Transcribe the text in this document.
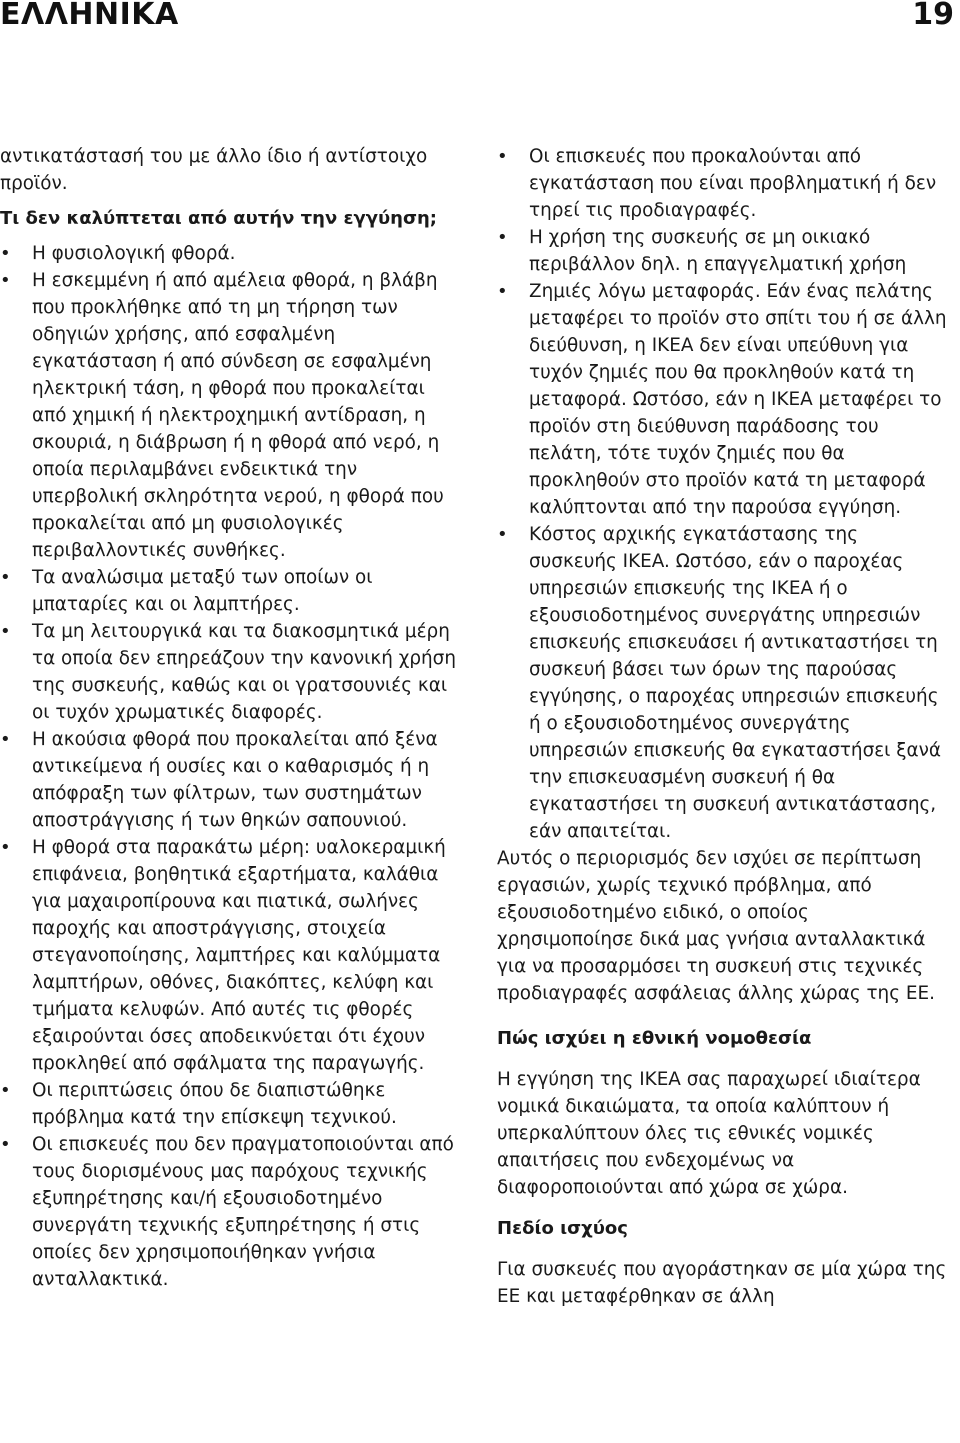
ΕΛΛΗΝΙΚΑ	19

αντικατάστασή του με άλλο ίδιο ή αντίστοιχο προϊόν.

Τι δεν καλύπτεται από αυτήν την εγγύηση;

• Η φυσιολογική φθορά.
• Η εσκεμμένη ή από αμέλεια φθορά, η βλάβη που προκλήθηκε από τη μη τήρηση των οδηγιών χρήσης, από εσφαλμένη εγκατάσταση ή από σύνδεση σε εσφαλμένη ηλεκτρική τάση, η φθορά που προκαλείται από χημική ή ηλεκτροχημική αντίδραση, η σκουριά, η διάβρωση ή η φθορά από νερό, η οποία περιλαμβάνει ενδεικτικά την υπερβολική σκληρότητα νερού, η φθορά που προκαλείται από μη φυσιολογικές περιβαλλοντικές συνθήκες.
• Τα αναλώσιμα μεταξύ των οποίων οι μπαταρίες και οι λαμπτήρες.
• Τα μη λειτουργικά και τα διακοσμητικά μέρη τα οποία δεν επηρεάζουν την κανονική χρήση της συσκευής, καθώς και οι γρατσουνιές και οι τυχόν χρωματικές διαφορές.
• Η ακούσια φθορά που προκαλείται από ξένα αντικείμενα ή ουσίες και ο καθαρισμός ή η απόφραξη των φίλτρων, των συστημάτων αποστράγγισης ή των θηκών σαπουνιού.
• Η φθορά στα παρακάτω μέρη: υαλοκεραμική επιφάνεια, βοηθητικά εξαρτήματα, καλάθια για μαχαιροπίρουνα και πιατικά, σωλήνες παροχής και αποστράγγισης, στοιχεία στεγανοποίησης, λαμπτήρες και καλύμματα λαμπτήρων, οθόνες, διακόπτες, κελύφη και τμήματα κελυφών. Από αυτές τις φθορές εξαιρούνται όσες αποδεικνύεται ότι έχουν προκληθεί από σφάλματα της παραγωγής.
• Οι περιπτώσεις όπου δε διαπιστώθηκε πρόβλημα κατά την επίσκεψη τεχνικού.
• Οι επισκευές που δεν πραγματοποιούνται από τους διορισμένους μας παρόχους τεχνικής εξυπηρέτησης και/ή εξουσιοδοτημένο συνεργάτη τεχνικής εξυπηρέτησης ή στις οποίες δεν χρησιμοποιήθηκαν γνήσια ανταλλακτικά.
• Οι επισκευές που προκαλούνται από εγκατάσταση που είναι προβληματική ή δεν τηρεί τις προδιαγραφές.
• Η χρήση της συσκευής σε μη οικιακό περιβάλλον δηλ. η επαγγελματική χρήση
• Ζημιές λόγω μεταφοράς. Εάν ένας πελάτης μεταφέρει το προϊόν στο σπίτι του ή σε άλλη διεύθυνση, η IKEA δεν είναι υπεύθυνη για τυχόν ζημιές που θα προκληθούν κατά τη μεταφορά. Ωστόσο, εάν η IKEA μεταφέρει το προϊόν στη διεύθυνση παράδοσης του πελάτη, τότε τυχόν ζημιές που θα προκληθούν στο προϊόν κατά τη μεταφορά καλύπτονται από την παρούσα εγγύηση.
• Κόστος αρχικής εγκατάστασης της συσκευής IKEA. Ωστόσο, εάν ο παροχέας υπηρεσιών επισκευής της IKEA ή ο εξουσιοδοτημένος συνεργάτης υπηρεσιών επισκευής επισκευάσει ή αντικαταστήσει τη συσκευή βάσει των όρων της παρούσας εγγύησης, ο παροχέας υπηρεσιών επισκευής ή ο εξουσιοδοτημένος συνεργάτης υπηρεσιών επισκευής θα εγκαταστήσει ξανά την επισκευασμένη συσκευή ή θα εγκαταστήσει τη συσκευή αντικατάστασης, εάν απαιτείται.

Αυτός ο περιορισμός δεν ισχύει σε περίπτωση εργασιών, χωρίς τεχνικό πρόβλημα, από εξουσιοδοτημένο ειδικό, ο οποίος χρησιμοποίησε δικά μας γνήσια ανταλλακτικά για να προσαρμόσει τη συσκευή στις τεχνικές προδιαγραφές ασφάλειας άλλης χώρας της ΕΕ.

Πώς ισχύει η εθνική νομοθεσία

Η εγγύηση της IKEA σας παραχωρεί ιδιαίτερα νομικά δικαιώματα, τα οποία καλύπτουν ή υπερκαλύπτουν όλες τις εθνικές νομικές απαιτήσεις που ενδεχομένως να διαφοροποιούνται από χώρα σε χώρα.

Πεδίο ισχύος

Για συσκευές που αγοράστηκαν σε μία χώρα της ΕΕ και μεταφέρθηκαν σε άλλη
